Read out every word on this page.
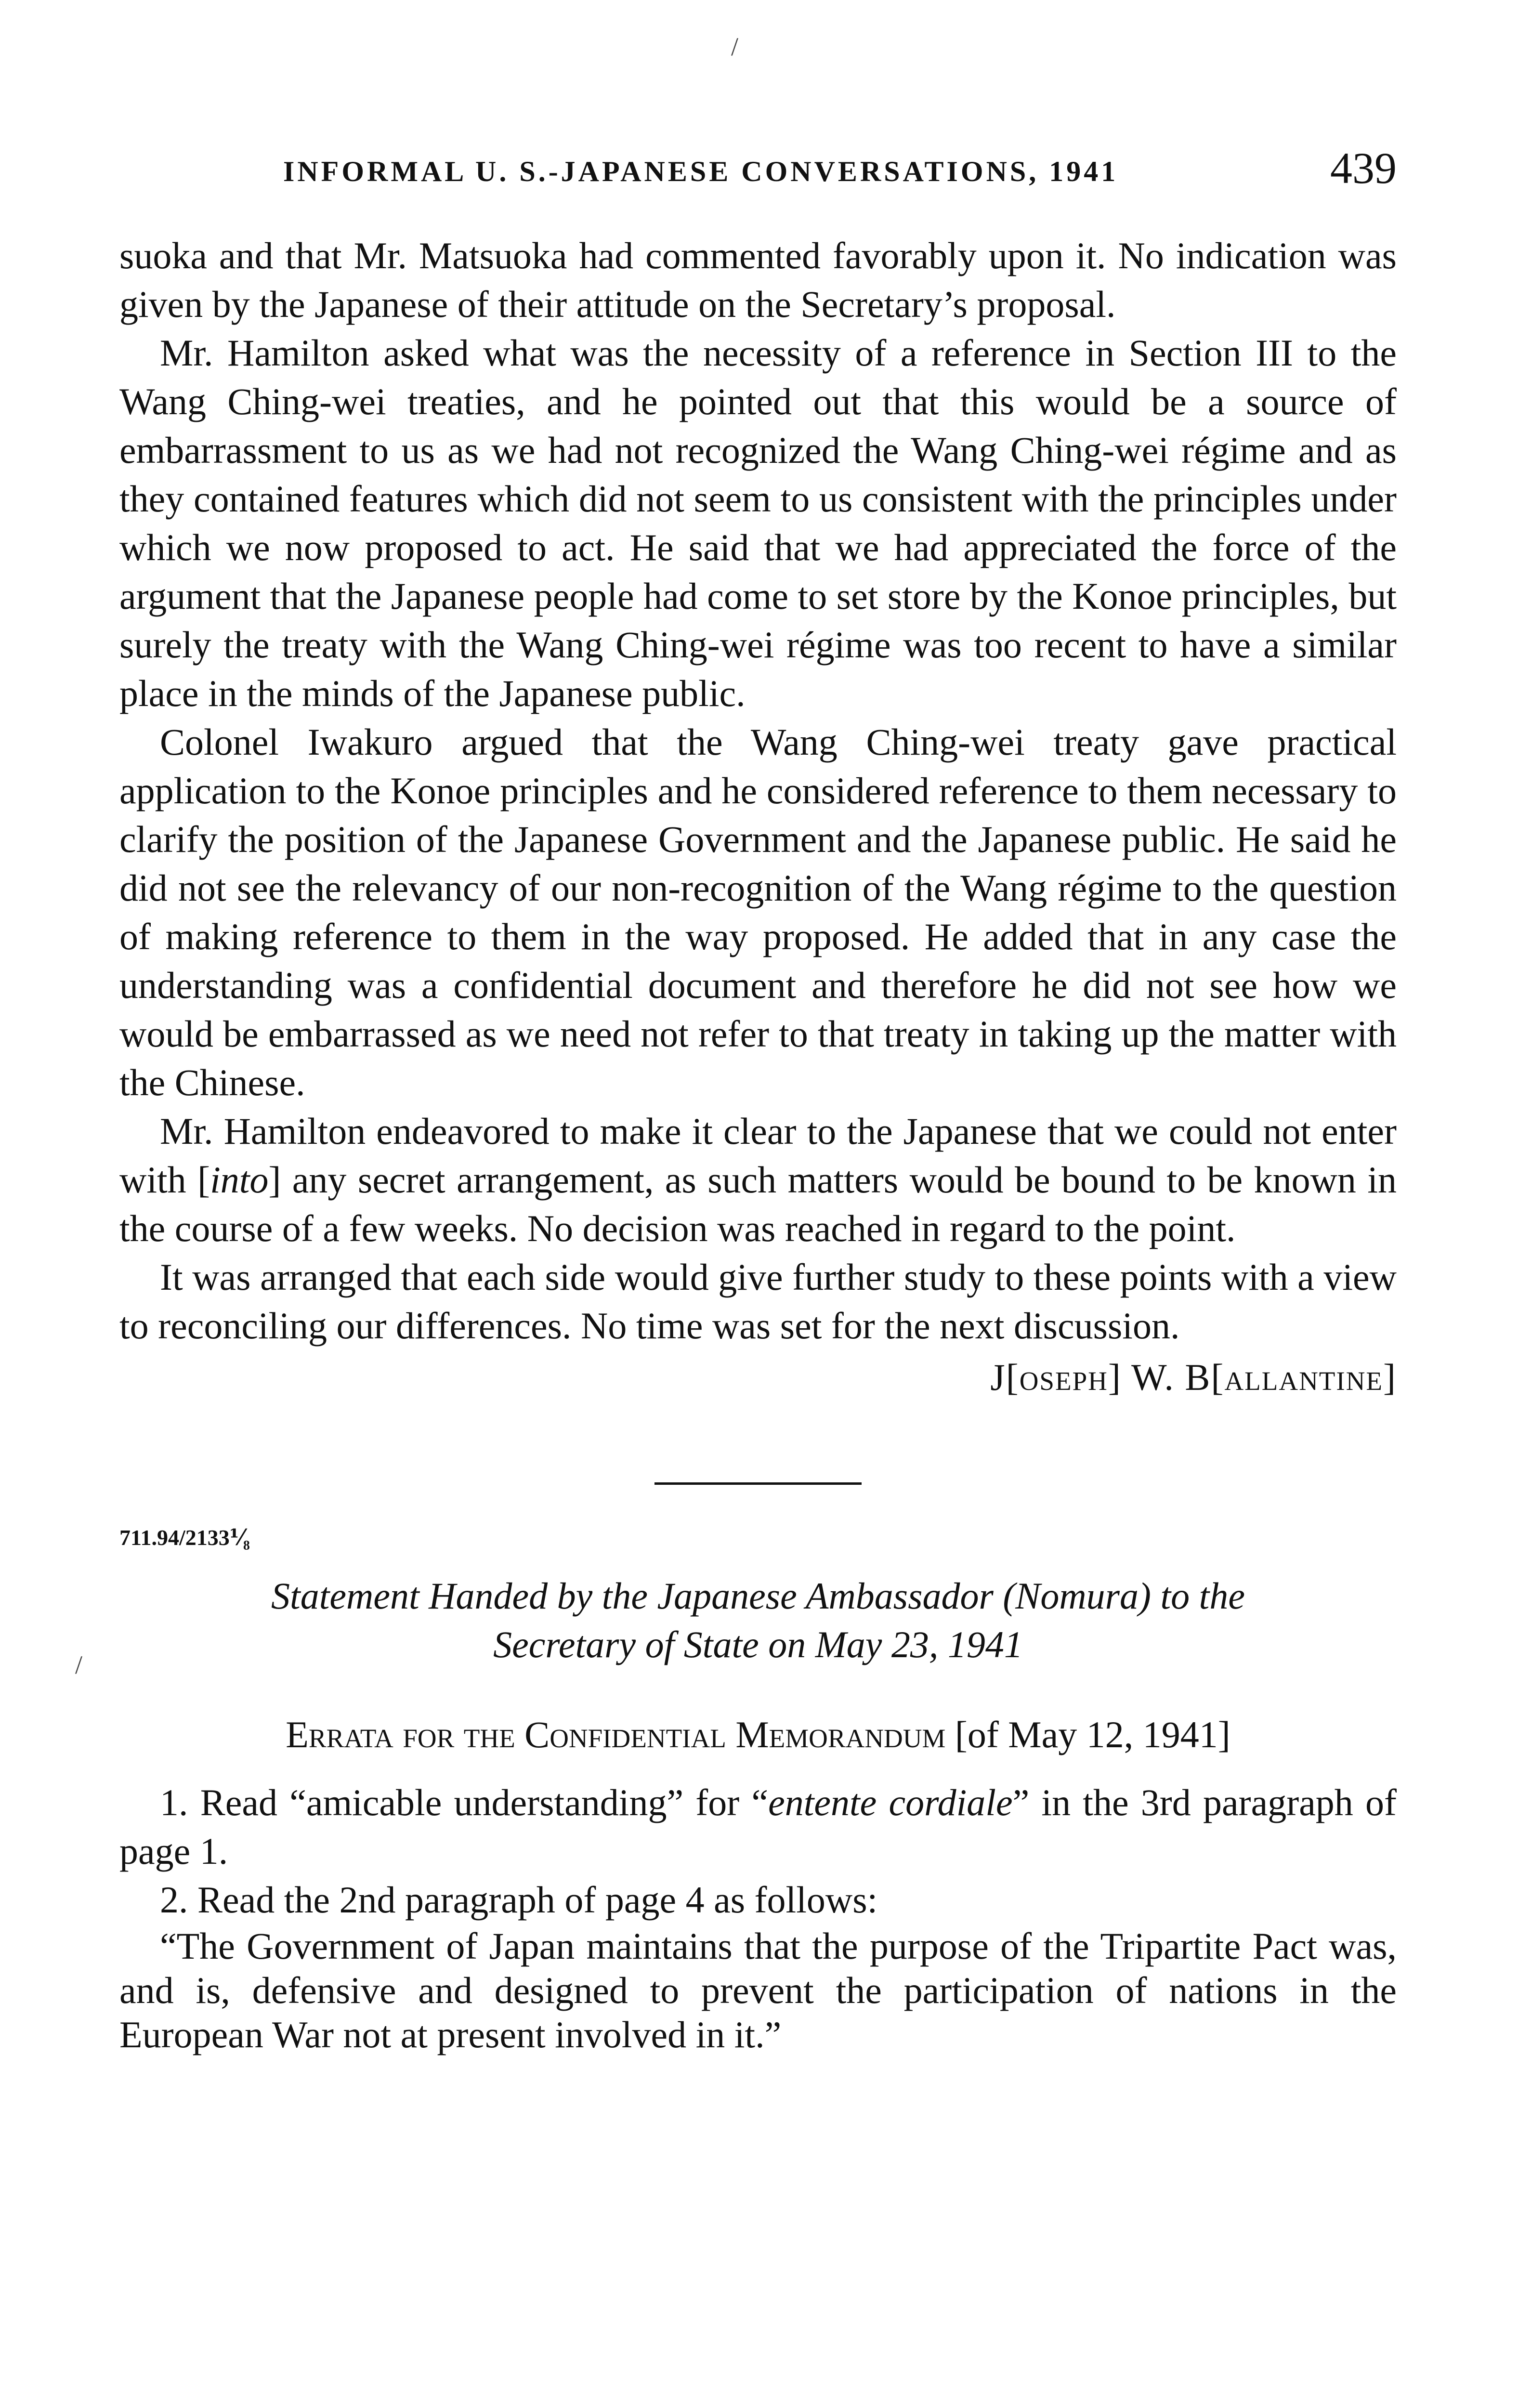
/
/
INFORMAL U. S.-JAPANESE CONVERSATIONS, 1941	439

suoka and that Mr. Matsuoka had commented favorably upon it. No indication was given by the Japanese of their attitude on the Secretary’s proposal.

Mr. Hamilton asked what was the necessity of a reference in Section III to the Wang Ching-wei treaties, and he pointed out that this would be a source of embarrassment to us as we had not recognized the Wang Ching-wei régime and as they contained features which did not seem to us consistent with the principles under which we now proposed to act. He said that we had appreciated the force of the argument that the Japanese people had come to set store by the Konoe principles, but surely the treaty with the Wang Ching-wei régime was too recent to have a similar place in the minds of the Japanese public.

Colonel Iwakuro argued that the Wang Ching-wei treaty gave practical application to the Konoe principles and he considered reference to them necessary to clarify the position of the Japanese Government and the Japanese public. He said he did not see the relevancy of our non-recognition of the Wang régime to the question of making reference to them in the way proposed. He added that in any case the understanding was a confidential document and therefore he did not see how we would be embarrassed as we need not refer to that treaty in taking up the matter with the Chinese.

Mr. Hamilton endeavored to make it clear to the Japanese that we could not enter with [into] any secret arrangement, as such matters would be bound to be known in the course of a few weeks. No decision was reached in regard to the point.

It was arranged that each side would give further study to these points with a view to reconciling our differences. No time was set for the next discussion.

J[oseph] W. B[allantine]
711.94/2133⅟₈
Statement Handed by the Japanese Ambassador (Nomura) to the
Secretary of State on May 23, 1941
Errata for the Confidential Memorandum [of May 12, 1941]

1. Read “amicable understanding” for “entente cordiale” in the 3rd paragraph of page 1.

2. Read the 2nd paragraph of page 4 as follows:

“The Government of Japan maintains that the purpose of the Tripartite Pact was, and is, defensive and designed to prevent the participation of nations in the European War not at present involved in it.”
